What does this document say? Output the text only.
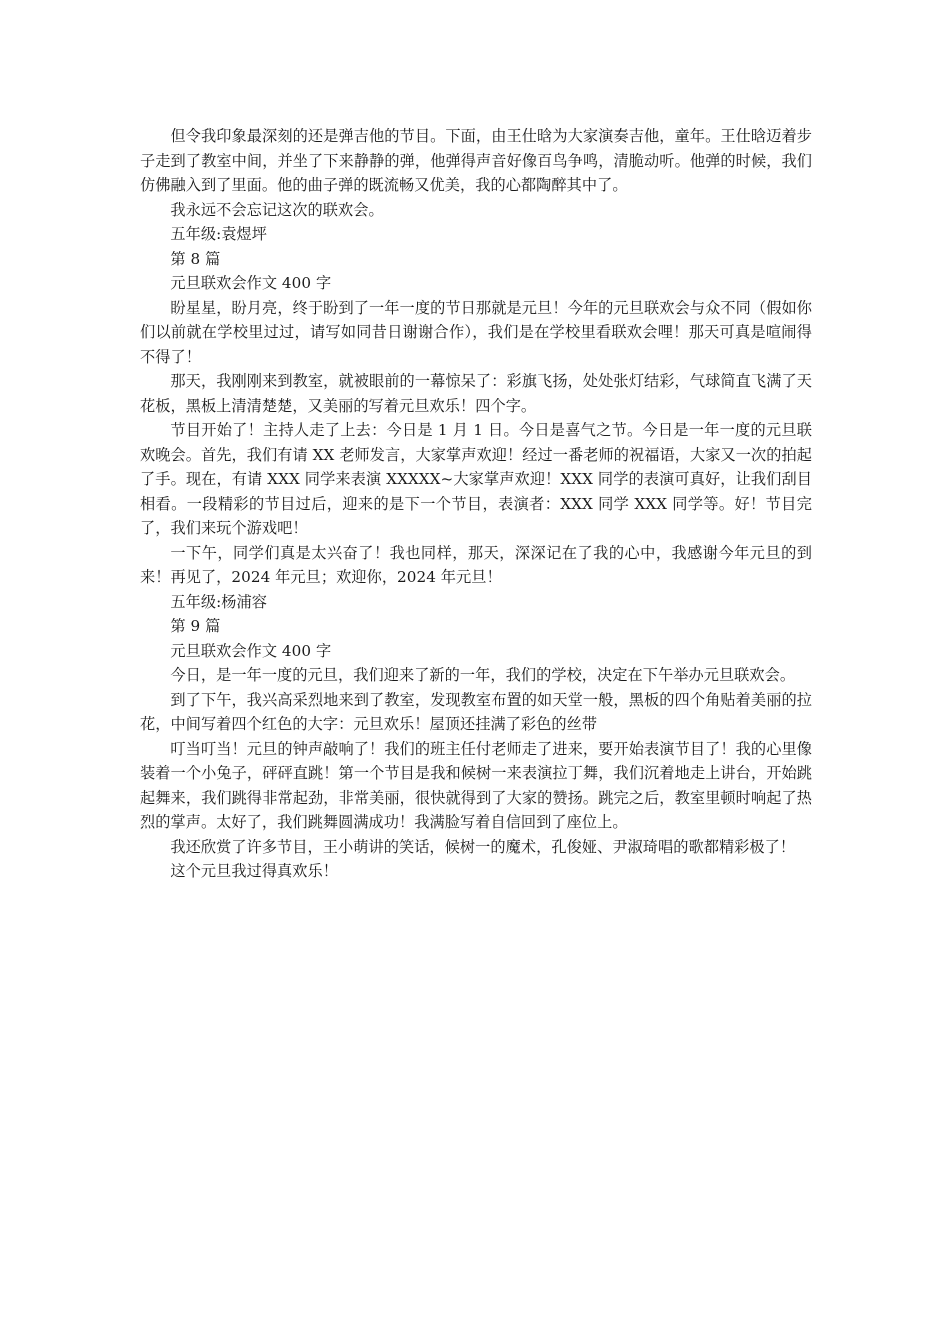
但令我印象最深刻的还是弹吉他的节目。下面，由王仕晗为大家演奏吉他，童年。王仕晗迈着步子走到了教室中间，并坐了下来静静的弹，他弹得声音好像百鸟争鸣，清脆动听。他弹的时候，我们仿佛融入到了里面。他的曲子弹的既流畅又优美，我的心都陶醉其中了。

我永远不会忘记这次的联欢会。

五年级:袁煜坪

第 8 篇

元旦联欢会作文 400 字

盼星星，盼月亮，终于盼到了一年一度的节日那就是元旦！今年的元旦联欢会与众不同（假如你们以前就在学校里过过，请写如同昔日谢谢合作），我们是在学校里看联欢会哩！那天可真是喧闹得不得了！

那天，我刚刚来到教室，就被眼前的一幕惊呆了：彩旗飞扬，处处张灯结彩，气球简直飞满了天花板，黑板上清清楚楚，又美丽的写着元旦欢乐！四个字。

节目开始了！主持人走了上去：今日是 1 月 1 日。今日是喜气之节。今日是一年一度的元旦联欢晚会。首先，我们有请 XX 老师发言，大家掌声欢迎！经过一番老师的祝福语，大家又一次的拍起了手。现在，有请 XXX 同学来表演 XXXXX~大家掌声欢迎！XXX 同学的表演可真好，让我们刮目相看。一段精彩的节目过后，迎来的是下一个节目，表演者：XXX 同学 XXX 同学等。好！节目完了，我们来玩个游戏吧！

一下午，同学们真是太兴奋了！我也同样，那天，深深记在了我的心中，我感谢今年元旦的到来！再见了，2024 年元旦；欢迎你，2024 年元旦！

五年级:杨浦容

第 9 篇

元旦联欢会作文 400 字

今日，是一年一度的元旦，我们迎来了新的一年，我们的学校，决定在下午举办元旦联欢会。

到了下午，我兴高采烈地来到了教室，发现教室布置的如天堂一般，黑板的四个角贴着美丽的拉花，中间写着四个红色的大字：元旦欢乐！屋顶还挂满了彩色的丝带

叮当叮当！元旦的钟声敲响了！我们的班主任付老师走了进来，要开始表演节目了！我的心里像装着一个小兔子，砰砰直跳！第一个节目是我和候树一来表演拉丁舞，我们沉着地走上讲台，开始跳起舞来，我们跳得非常起劲，非常美丽，很快就得到了大家的赞扬。跳完之后，教室里顿时响起了热烈的掌声。太好了，我们跳舞圆满成功！我满脸写着自信回到了座位上。

我还欣赏了许多节目，王小萌讲的笑话，候树一的魔术，孔俊娅、尹淑琦唱的歌都精彩极了！

这个元旦我过得真欢乐！
